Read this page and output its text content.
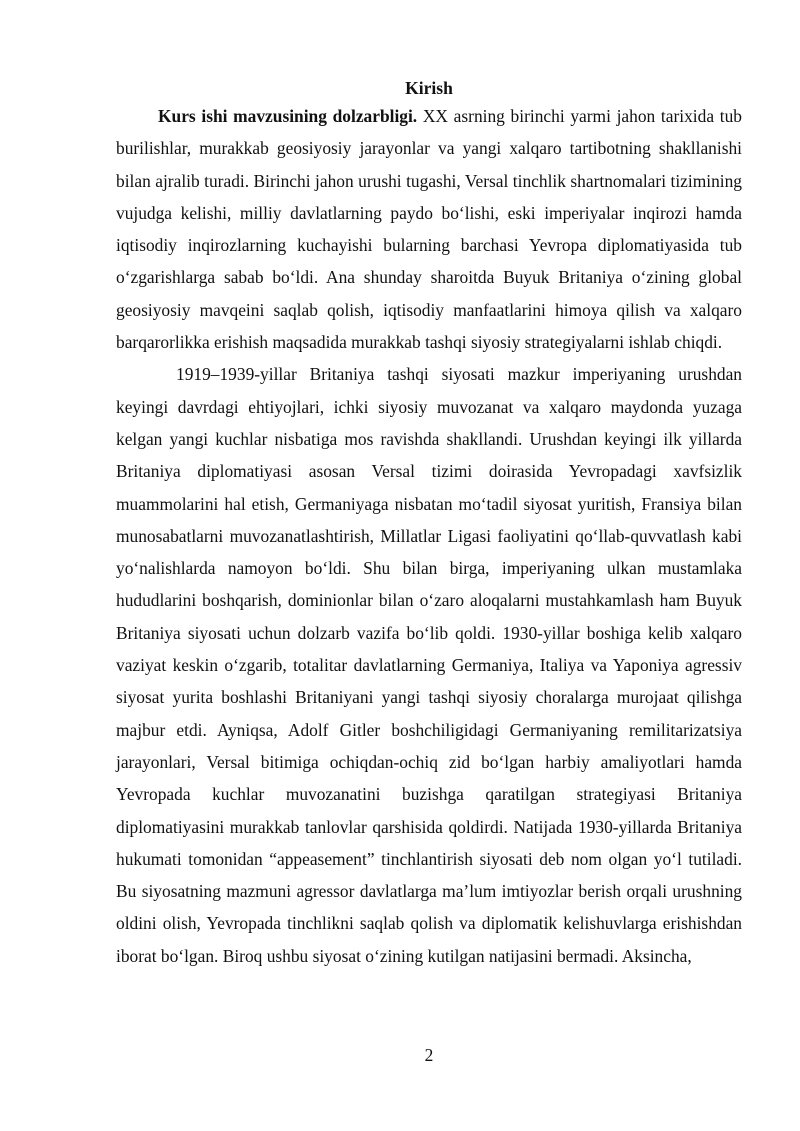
Kirish

Kurs ishi mavzusining dolzarbligi. XX asrning birinchi yarmi jahon tarixida tub burilishlar, murakkab geosiyosiy jarayonlar va yangi xalqaro tartibotning shakllanishi bilan ajralib turadi. Birinchi jahon urushi tugashi, Versal tinchlik shartnomalari tizimining vujudga kelishi, milliy davlatlarning paydo bo‘lishi, eski imperiyalar inqirozi hamda iqtisodiy inqirozlarning kuchayishi bularning barchasi Yevropa diplomatiyasida tub o‘zgarishlarga sabab bo‘ldi. Ana shunday sharoitda Buyuk Britaniya o‘zining global geosiyosiy mavqeini saqlab qolish, iqtisodiy manfaatlarini himoya qilish va xalqaro barqarorlikka erishish maqsadida murakkab tashqi siyosiy strategiyalarni ishlab chiqdi.

1919–1939-yillar Britaniya tashqi siyosati mazkur imperiyaning urushdan keyingi davrdagi ehtiyojlari, ichki siyosiy muvozanat va xalqaro maydonda yuzaga kelgan yangi kuchlar nisbatiga mos ravishda shakllandi. Urushdan keyingi ilk yillarda Britaniya diplomatiyasi asosan Versal tizimi doirasida Yevropadagi xavfsizlik muammolarini hal etish, Germaniyaga nisbatan mo‘tadil siyosat yuritish, Fransiya bilan munosabatlarni muvozanatlashtirish, Millatlar Ligasi faoliyatini qo‘llab-quvvatlash kabi yo‘nalishlarda namoyon bo‘ldi. Shu bilan birga, imperiyaning ulkan mustamlaka hududlarini boshqarish, dominionlar bilan o‘zaro aloqalarni mustahkamlash ham Buyuk Britaniya siyosati uchun dolzarb vazifa bo‘lib qoldi. 1930-yillar boshiga kelib xalqaro vaziyat keskin o‘zgarib, totalitar davlatlarning Germaniya, Italiya va Yaponiya agressiv siyosat yurita boshlashi Britaniyani yangi tashqi siyosiy choralarga murojaat qilishga majbur etdi. Ayniqsa, Adolf Gitler boshchiligidagi Germaniyaning remilitarizatsiya jarayonlari, Versal bitimiga ochiqdan-ochiq zid bo‘lgan harbiy amaliyotlari hamda Yevropada kuchlar muvozanatini buzishga qaratilgan strategiyasi Britaniya diplomatiyasini murakkab tanlovlar qarshisida qoldirdi. Natijada 1930-yillarda Britaniya hukumati tomonidan “appeasement” tinchlantirish siyosati deb nom olgan yo‘l tutiladi. Bu siyosatning mazmuni agressor davlatlarga ma’lum imtiyozlar berish orqali urushning oldini olish, Yevropada tinchlikni saqlab qolish va diplomatik kelishuvlarga erishishdan iborat bo‘lgan. Biroq ushbu siyosat o‘zining kutilgan natijasini bermadi. Aksincha,

2
